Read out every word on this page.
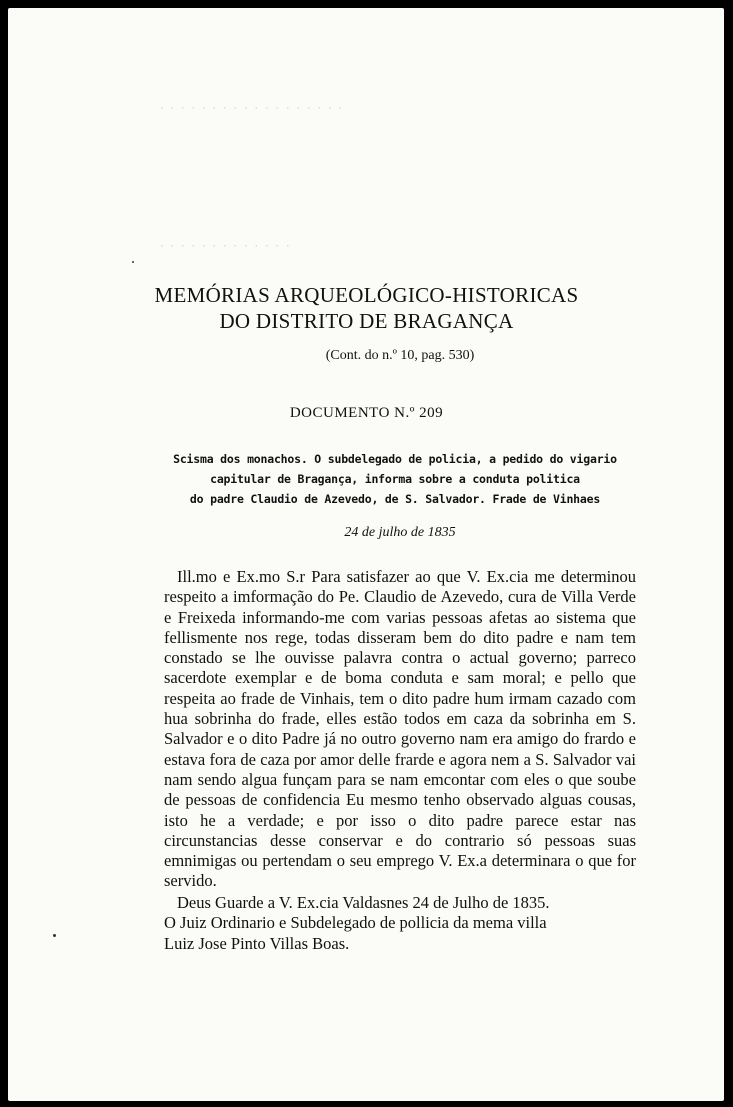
· · · · · · · · · · · · · · · · · ·
· · · · · · · · · · · · ·
MEMÓRIAS ARQUEOLÓGICO-HISTORICAS
DO DISTRITO DE BRAGANÇA
(Cont. do n.º 10, pag. 530)
DOCUMENTO N.º 209
Scisma dos monachos. O subdelegado de policia, a pedido do vigario
capitular de Bragança, informa sobre a conduta politica
do padre Claudio de Azevedo, de S. Salvador. Frade de Vinhaes
24 de julho de 1835

Ill.mo e Ex.mo S.r Para satisfazer ao que V. Ex.cia me determinou respeito a imformação do Pe. Claudio de Azevedo, cura de Villa Verde e Freixeda informando-me com varias pessoas afetas ao sistema que fellismente nos rege, todas disseram bem do dito padre e nam tem constado se lhe ouvisse palavra contra o actual governo; parreco sacerdote exemplar e de boma conduta e sam moral; e pello que respeita ao frade de Vinhais, tem o dito padre hum irmam cazado com hua sobrinha do frade, elles estão todos em caza da sobrinha em S. Salvador e o dito Padre já no outro governo nam era amigo do frardo e estava fora de caza por amor delle frarde e agora nem a S. Salvador vai nam sendo algua funçam para se nam emcontar com eles o que soube de pessoas de confidencia Eu mesmo tenho observado alguas cousas, isto he a verdade; e por isso o dito padre parece estar nas circunstancias desse conservar e do contrario só pessoas suas emnimigas ou pertendam o seu emprego V. Ex.a determinara o que for servido.

Deus Guarde a V. Ex.cia Valdasnes 24 de Julho de 1835.
O Juiz Ordinario e Subdelegado de pollicia da mema villa
Luiz Jose Pinto Villas Boas.
